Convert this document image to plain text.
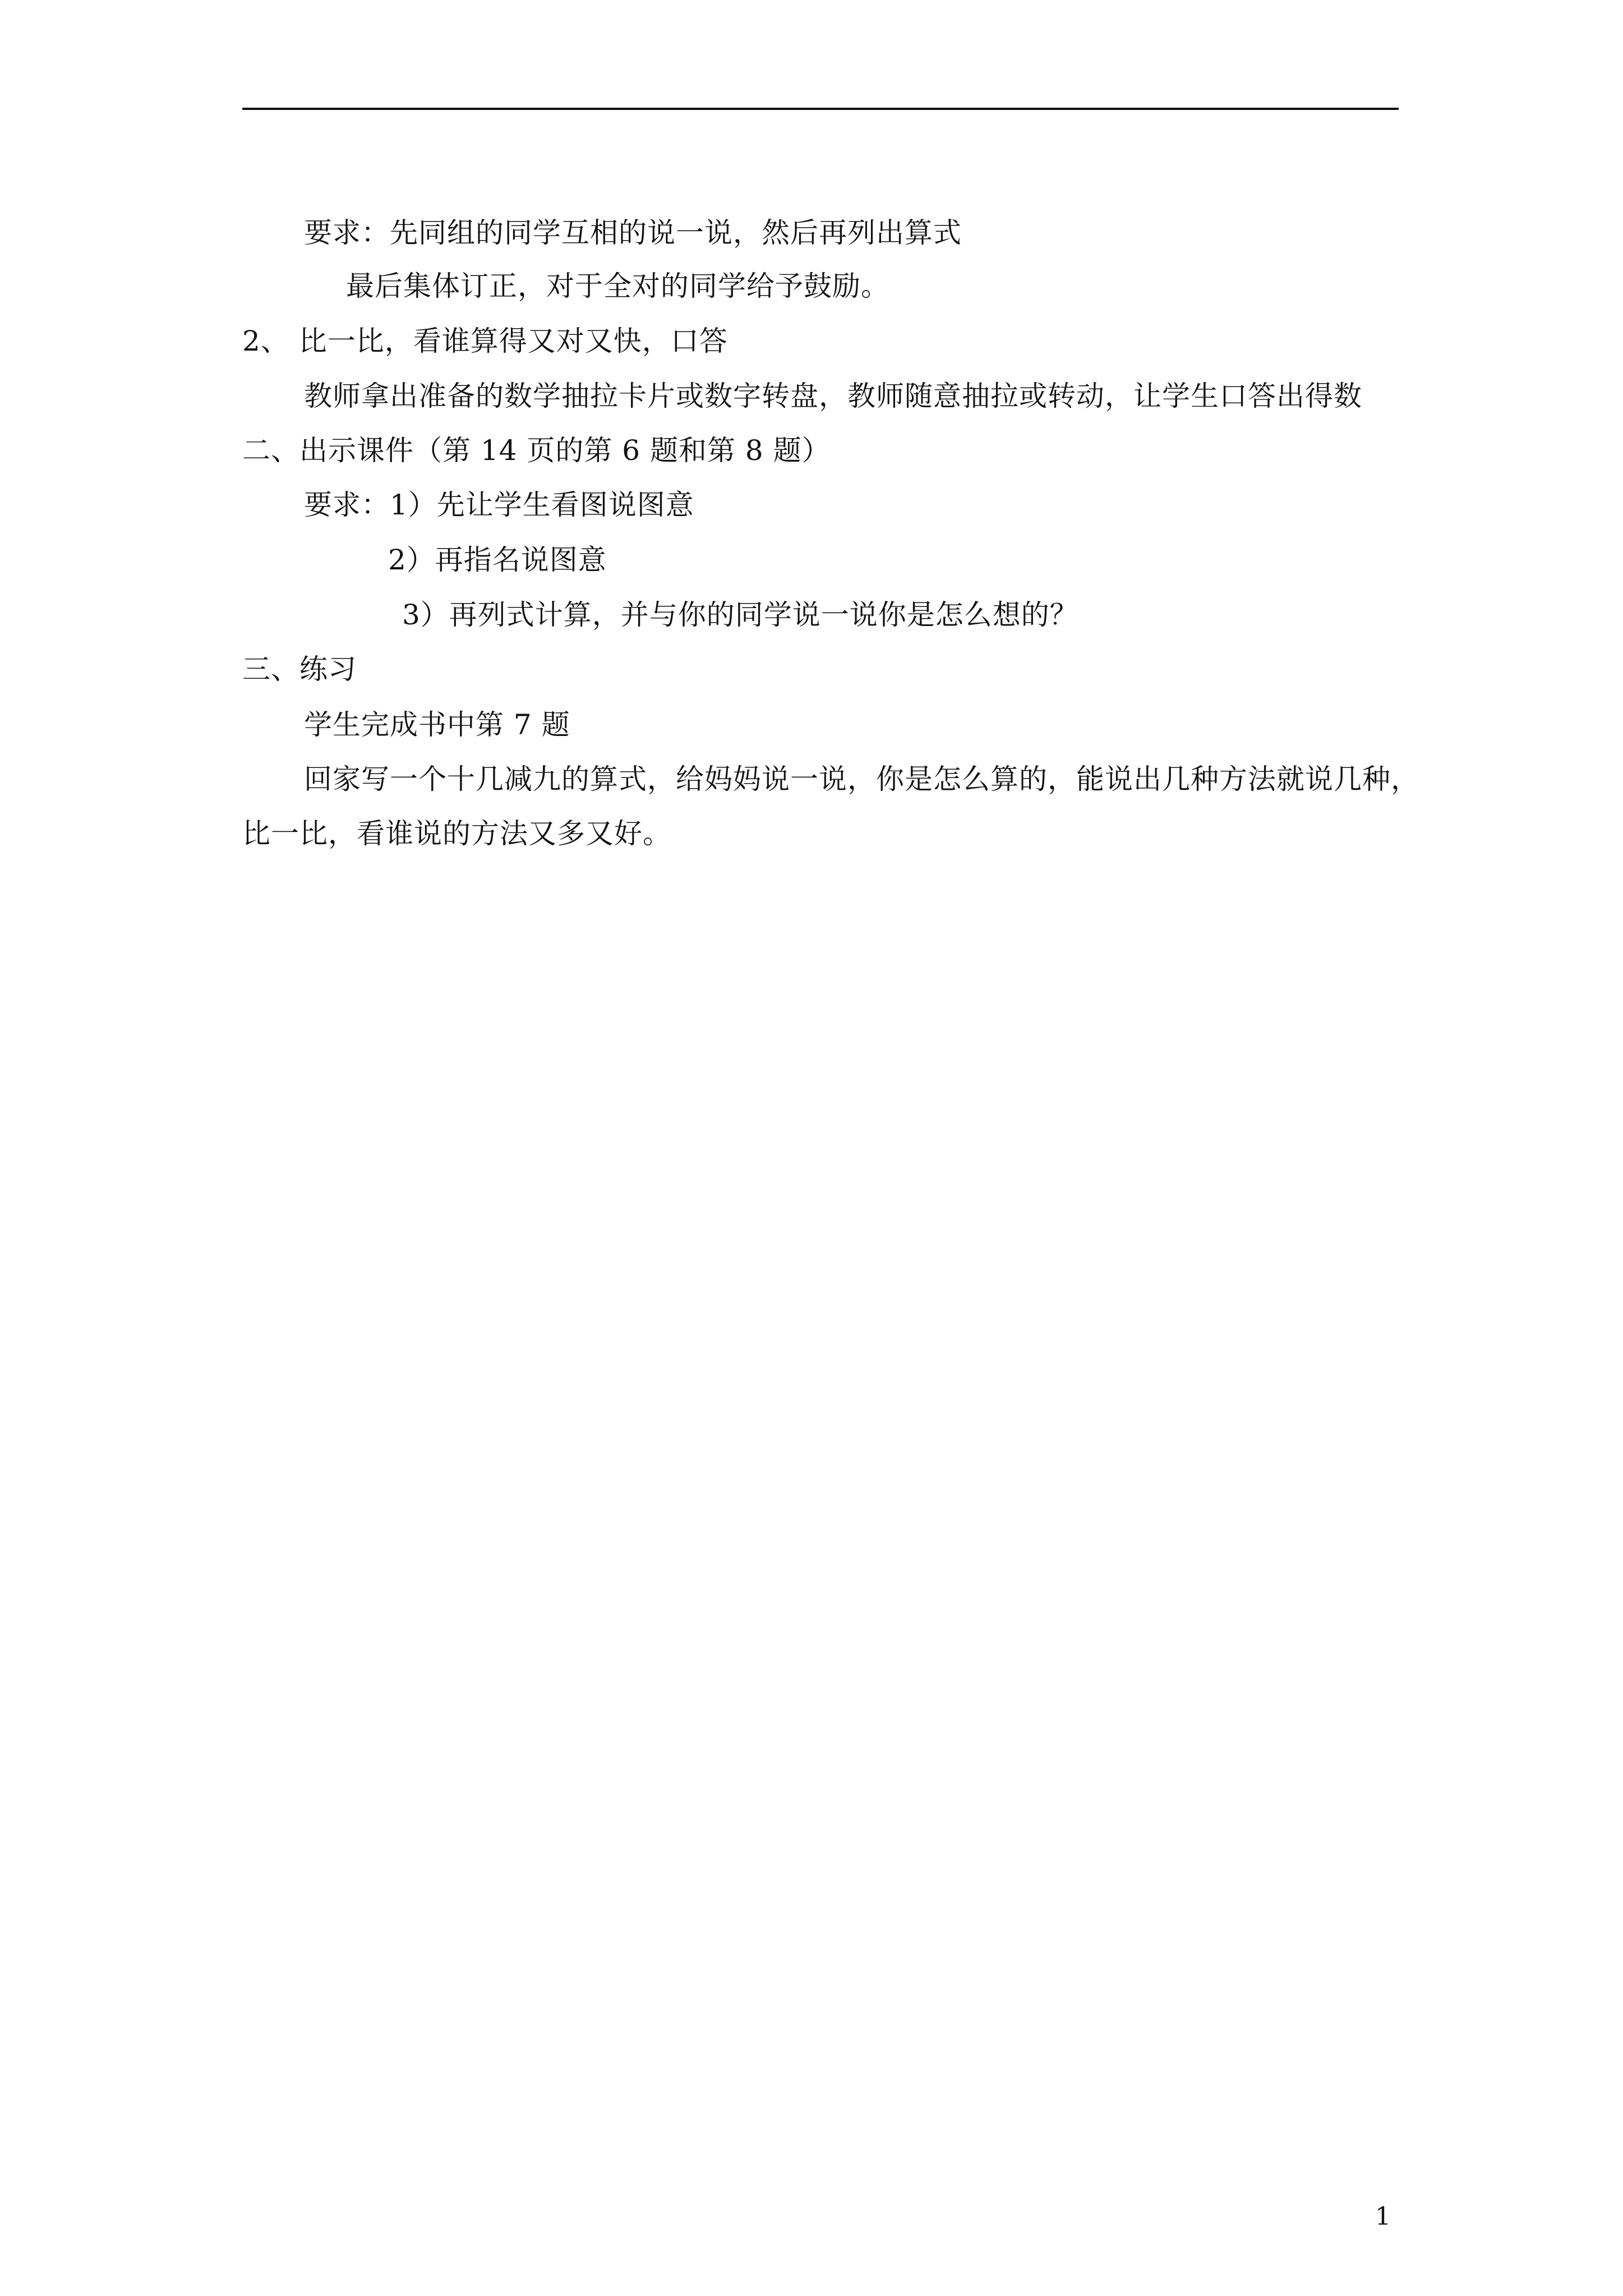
要求：先同组的同学互相的说一说，然后再列出算式
最后集体订正，对于全对的同学给予鼓励。
2、 比一比，看谁算得又对又快，口答
教师拿出准备的数学抽拉卡片或数字转盘，教师随意抽拉或转动，让学生口答出得数
二、出示课件（第 14 页的第 6 题和第 8 题）
要求：1）先让学生看图说图意
2）再指名说图意
3）再列式计算，并与你的同学说一说你是怎么想的？
三、练习
学生完成书中第 7 题
回家写一个十几减九的算式，给妈妈说一说，你是怎么算的，能说出几种方法就说几种，
比一比，看谁说的方法又多又好。
1
